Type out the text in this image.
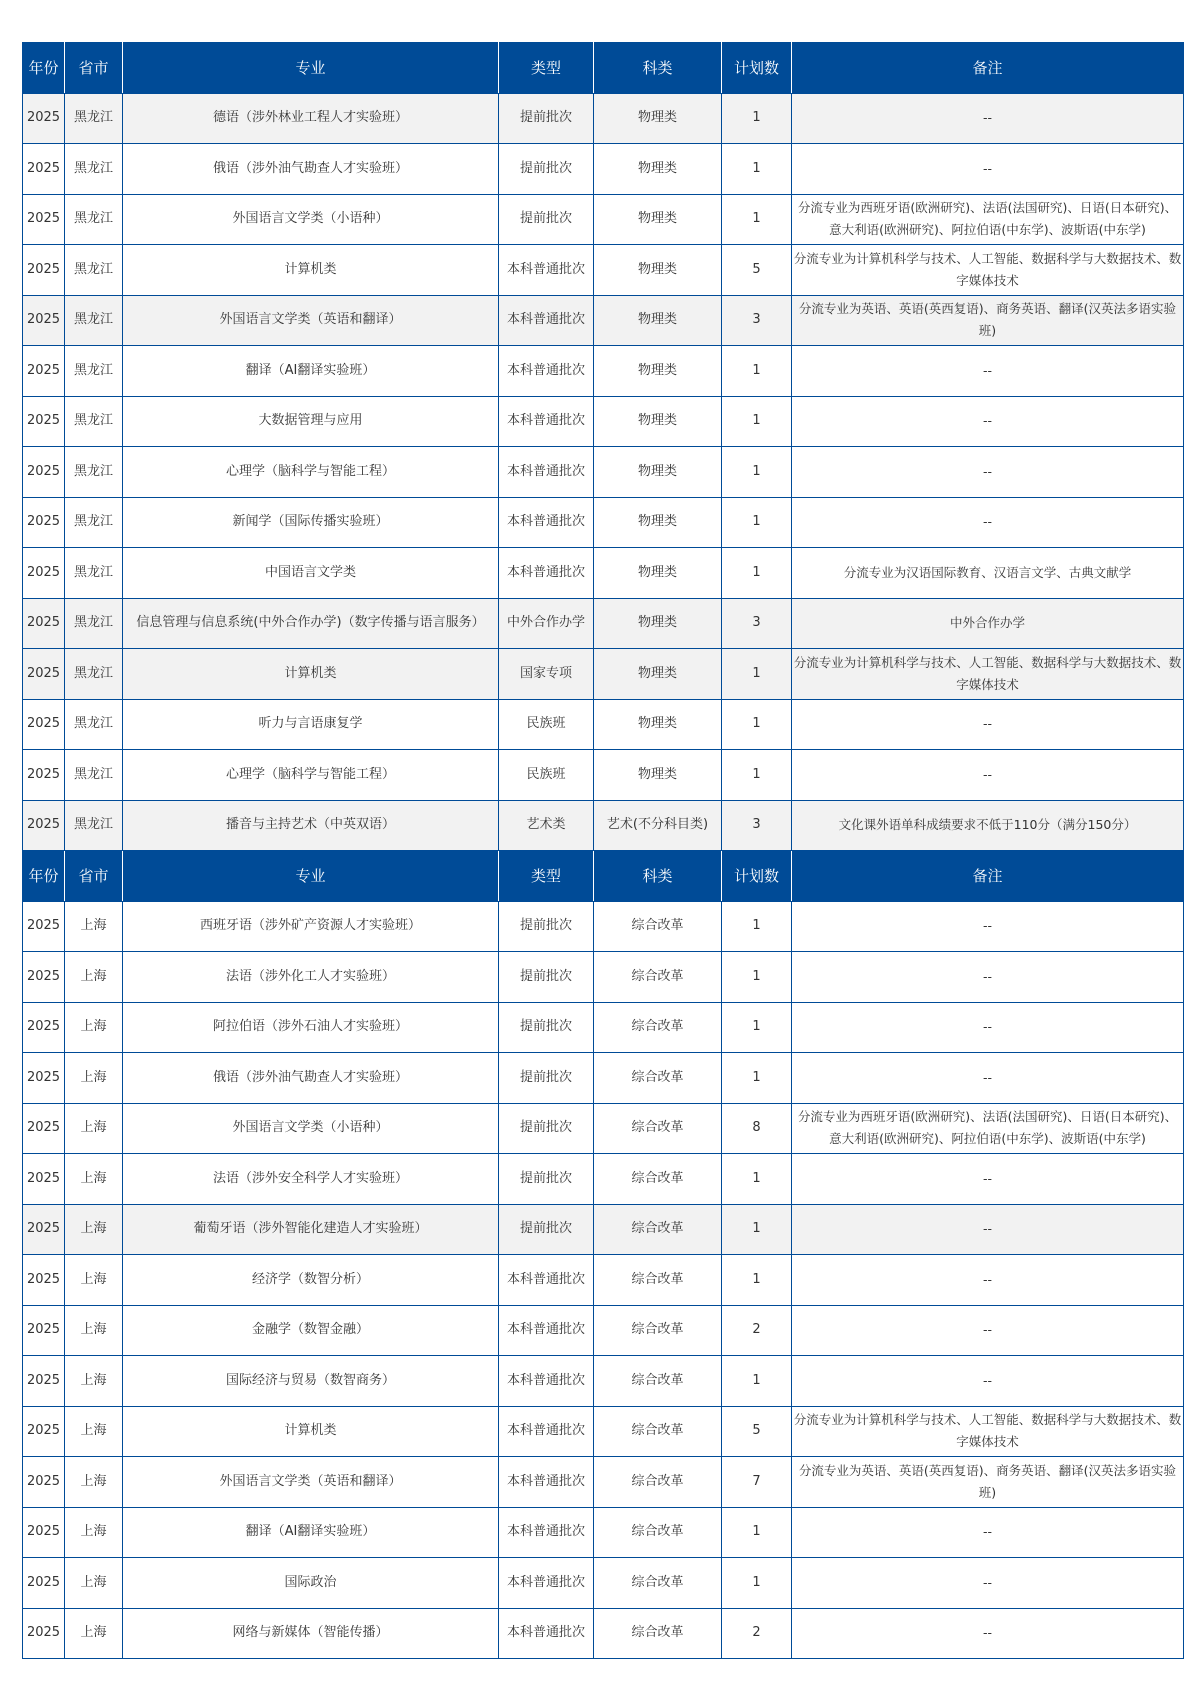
年份	省市	专业	类型	科类	计划数	备注
2025	黑龙江	德语（涉外林业工程人才实验班）	提前批次	物理类	1	--
2025	黑龙江	俄语（涉外油气勘查人才实验班）	提前批次	物理类	1	--
2025	黑龙江	外国语言文学类（小语种）	提前批次	物理类	1	分流专业为西班牙语(欧洲研究)、法语(法国研究)、日语(日本研究)、意大利语(欧洲研究)、阿拉伯语(中东学)、波斯语(中东学)
2025	黑龙江	计算机类	本科普通批次	物理类	5	分流专业为计算机科学与技术、人工智能、数据科学与大数据技术、数字媒体技术
2025	黑龙江	外国语言文学类（英语和翻译）	本科普通批次	物理类	3	分流专业为英语、英语(英西复语)、商务英语、翻译(汉英法多语实验班)
2025	黑龙江	翻译（AI翻译实验班）	本科普通批次	物理类	1	--
2025	黑龙江	大数据管理与应用	本科普通批次	物理类	1	--
2025	黑龙江	心理学（脑科学与智能工程）	本科普通批次	物理类	1	--
2025	黑龙江	新闻学（国际传播实验班）	本科普通批次	物理类	1	--
2025	黑龙江	中国语言文学类	本科普通批次	物理类	1	分流专业为汉语国际教育、汉语言文学、古典文献学
2025	黑龙江	信息管理与信息系统(中外合作办学)（数字传播与语言服务）	中外合作办学	物理类	3	中外合作办学
2025	黑龙江	计算机类	国家专项	物理类	1	分流专业为计算机科学与技术、人工智能、数据科学与大数据技术、数字媒体技术
2025	黑龙江	听力与言语康复学	民族班	物理类	1	--
2025	黑龙江	心理学（脑科学与智能工程）	民族班	物理类	1	--
2025	黑龙江	播音与主持艺术（中英双语）	艺术类	艺术(不分科目类)	3	文化课外语单科成绩要求不低于110分（满分150分）
年份	省市	专业	类型	科类	计划数	备注
2025	上海	西班牙语（涉外矿产资源人才实验班）	提前批次	综合改革	1	--
2025	上海	法语（涉外化工人才实验班）	提前批次	综合改革	1	--
2025	上海	阿拉伯语（涉外石油人才实验班）	提前批次	综合改革	1	--
2025	上海	俄语（涉外油气勘查人才实验班）	提前批次	综合改革	1	--
2025	上海	外国语言文学类（小语种）	提前批次	综合改革	8	分流专业为西班牙语(欧洲研究)、法语(法国研究)、日语(日本研究)、意大利语(欧洲研究)、阿拉伯语(中东学)、波斯语(中东学)
2025	上海	法语（涉外安全科学人才实验班）	提前批次	综合改革	1	--
2025	上海	葡萄牙语（涉外智能化建造人才实验班）	提前批次	综合改革	1	--
2025	上海	经济学（数智分析）	本科普通批次	综合改革	1	--
2025	上海	金融学（数智金融）	本科普通批次	综合改革	2	--
2025	上海	国际经济与贸易（数智商务）	本科普通批次	综合改革	1	--
2025	上海	计算机类	本科普通批次	综合改革	5	分流专业为计算机科学与技术、人工智能、数据科学与大数据技术、数字媒体技术
2025	上海	外国语言文学类（英语和翻译）	本科普通批次	综合改革	7	分流专业为英语、英语(英西复语)、商务英语、翻译(汉英法多语实验班)
2025	上海	翻译（AI翻译实验班）	本科普通批次	综合改革	1	--
2025	上海	国际政治	本科普通批次	综合改革	1	--
2025	上海	网络与新媒体（智能传播）	本科普通批次	综合改革	2	--
